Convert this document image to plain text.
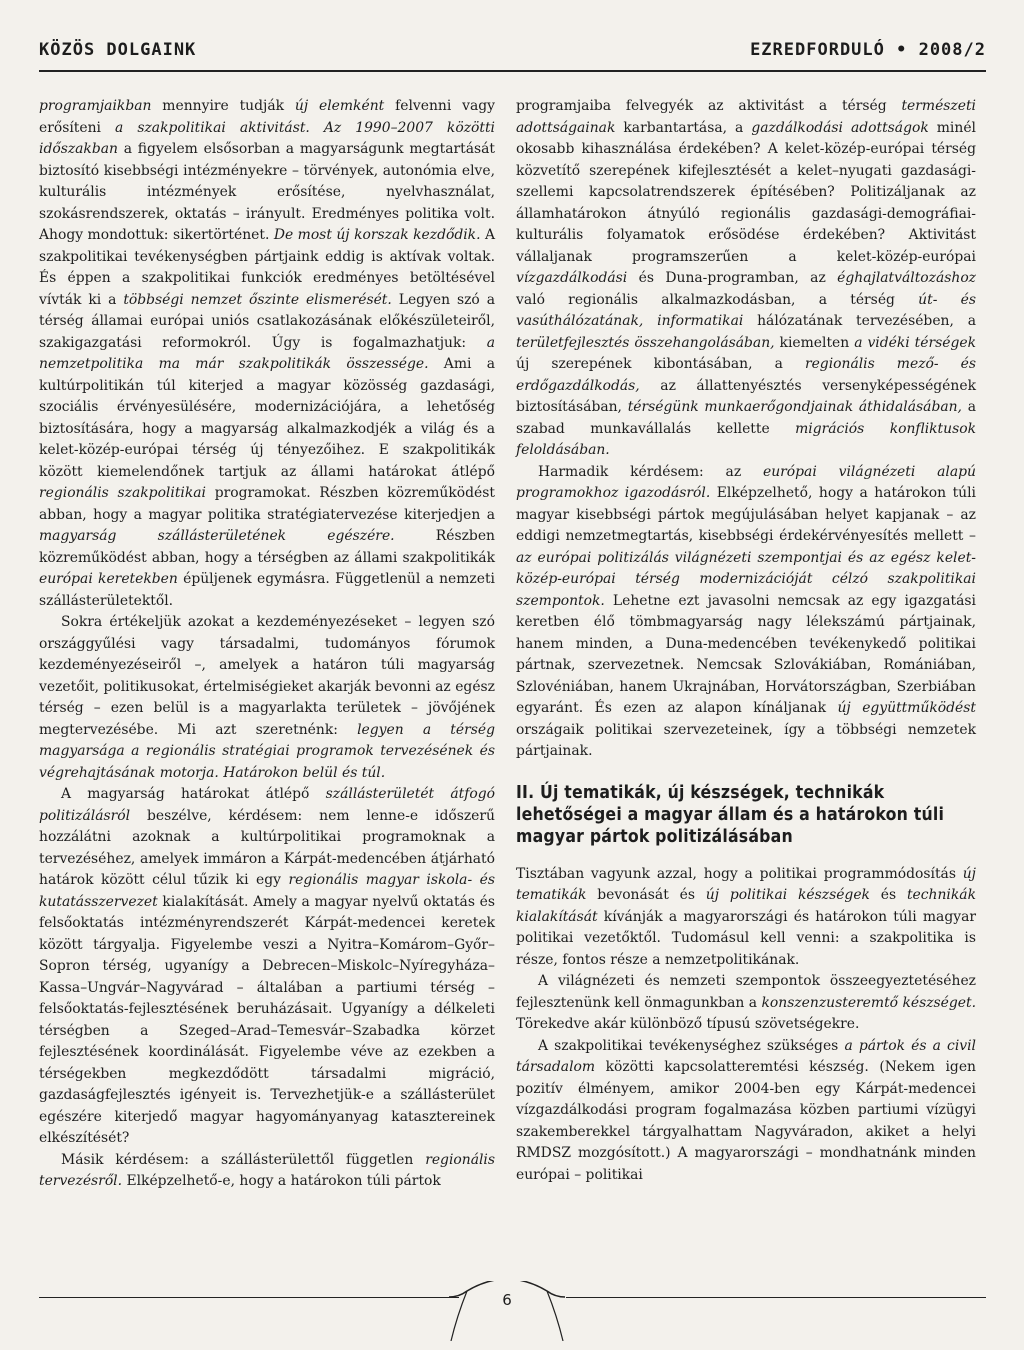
KÖZÖS DOLGAINK	EZREDFORDULÓ • 2008/2

programjaikban mennyire tudják új elemként felvenni vagy erősíteni a szakpolitikai aktivitást. Az 1990–2007 közötti időszakban a figyelem elsősorban a magyarságunk megtartását biztosító kisebbségi intézményekre – törvények, autonómia elve, kulturális intézmények erősítése, nyelvhasználat, szokásrendszerek, oktatás – irányult. Eredményes politika volt. Ahogy mondottuk: sikertörténet. De most új korszak kezdődik. A szakpolitikai tevékenységben pártjaink eddig is aktívak voltak. És éppen a szakpolitikai funkciók eredményes betöltésével vívták ki a többségi nemzet őszinte elismerését. Legyen szó a térség államai európai uniós csatlakozásának előkészületeiről, szakigazgatási reformokról. Úgy is fogalmazhatjuk: a nemzetpolitika ma már szakpolitikák összessége. Ami a kultúrpolitikán túl kiterjed a magyar közösség gazdasági, szociális érvényesülésére, modernizációjára, a lehetőség biztosítására, hogy a magyarság alkalmazkodjék a világ és a kelet-közép-európai térség új tényezőihez. E szakpolitikák között kiemelendőnek tartjuk az állami határokat átlépő regionális szakpolitikai programokat. Részben közreműködést abban, hogy a magyar politika stratégiatervezése kiterjedjen a magyarság szállásterületének egészére. Részben közreműködést abban, hogy a térségben az állami szakpolitikák európai keretekben épüljenek egymásra. Függetlenül a nemzeti szállásterületektől.

Sokra értékeljük azokat a kezdeményezéseket – legyen szó országgyűlési vagy társadalmi, tudományos fórumok kezdeményezéseiről –, amelyek a határon túli magyarság vezetőit, politikusokat, értelmiségieket akarják bevonni az egész térség – ezen belül is a magyarlakta területek – jövőjének megtervezésébe. Mi azt szeretnénk: legyen a térség magyarsága a regionális stratégiai programok tervezésének és végrehajtásának motorja. Határokon belül és túl.

A magyarság határokat átlépő szállásterületét átfogó politizálásról beszélve, kérdésem: nem lenne-e időszerű hozzálátni azoknak a kultúrpolitikai programoknak a tervezéséhez, amelyek immáron a Kárpát-medencében átjárható határok között célul tűzik ki egy regionális magyar iskola- és kutatásszervezet kialakítását. Amely a magyar nyelvű oktatás és felsőoktatás intézményrendszerét Kárpát-medencei keretek között tárgyalja. Figyelembe veszi a Nyitra–Komárom–Győr–Sopron térség, ugyanígy a Debrecen–Miskolc–Nyíregyháza–Kassa–Ungvár–Nagyvárad – általában a partiumi térség – felsőoktatás-fejlesztésének beruházásait. Ugyanígy a délkeleti térségben a Szeged–Arad–Temesvár–Szabadka körzet fejlesztésének koordinálását. Figyelembe véve az ezekben a térségekben megkezdődött társadalmi migráció, gazdaságfejlesztés igényeit is. Tervezhetjük-e a szállásterület egészére kiterjedő magyar hagyományanyag katasztereinek elkészítését?

Másik kérdésem: a szállásterülettől független regionális tervezésről. Elképzelhető-e, hogy a határokon túli pártok

programjaiba felvegyék az aktivitást a térség természeti adottságainak karbantartása, a gazdálkodási adottságok minél okosabb kihasználása érdekében? A kelet-közép-európai térség közvetítő szerepének kifejlesztését a kelet–nyugati gazdasági-szellemi kapcsolatrendszerek építésében? Politizáljanak az államhatárokon átnyúló regionális gazdasági-demográfiai-kulturális folyamatok erősödése érdekében? Aktivitást vállaljanak programszerűen a kelet-közép-európai vízgazdálkodási és Duna-programban, az éghajlatváltozáshoz való regionális alkalmazkodásban, a térség út- és vasúthálózatának, informatikai hálózatának tervezésében, a területfejlesztés összehangolásában, kiemelten a vidéki térségek új szerepének kibontásában, a regionális mező- és erdőgazdálkodás, az állattenyésztés versenyképességének biztosításában, térségünk munkaerőgondjainak áthidalásában, a szabad munkavállalás kellette migrációs konfliktusok feloldásában.

Harmadik kérdésem: az európai világnézeti alapú programokhoz igazodásról. Elképzelhető, hogy a határokon túli magyar kisebbségi pártok megújulásában helyet kapjanak – az eddigi nemzetmegtartás, kisebbségi érdekérvényesítés mellett – az európai politizálás világnézeti szempontjai és az egész kelet-közép-európai térség modernizációját célzó szakpolitikai szempontok. Lehetne ezt javasolni nemcsak az egy igazgatási keretben élő tömbmagyarság nagy lélekszámú pártjainak, hanem minden, a Duna-medencében tevékenykedő politikai pártnak, szervezetnek. Nemcsak Szlovákiában, Romániában, Szlovéniában, hanem Ukrajnában, Horvátországban, Szerbiában egyaránt. És ezen az alapon kínáljanak új együttműködést országaik politikai szervezeteinek, így a többségi nemzetek pártjainak.

II. Új tematikák, új készségek, technikák lehetőségei a magyar állam és a határokon túli magyar pártok politizálásában

Tisztában vagyunk azzal, hogy a politikai programmódosítás új tematikák bevonását és új politikai készségek és technikák kialakítását kívánják a magyarországi és határokon túli magyar politikai vezetőktől. Tudomásul kell venni: a szakpolitika is része, fontos része a nemzetpolitikának.

A világnézeti és nemzeti szempontok összeegyeztetéséhez fejlesztenünk kell önmagunkban a konszenzusteremtő készséget. Törekedve akár különböző típusú szövetségekre.

A szakpolitikai tevékenységhez szükséges a pártok és a civil társadalom közötti kapcsolatteremtési készség. (Nekem igen pozitív élményem, amikor 2004-ben egy Kárpát-medencei vízgazdálkodási program fogalmazása közben partiumi vízügyi szakemberekkel tárgyalhattam Nagyváradon, akiket a helyi RMDSZ mozgósított.) A magyarországi – mondhatnánk minden európai – politikai

6
